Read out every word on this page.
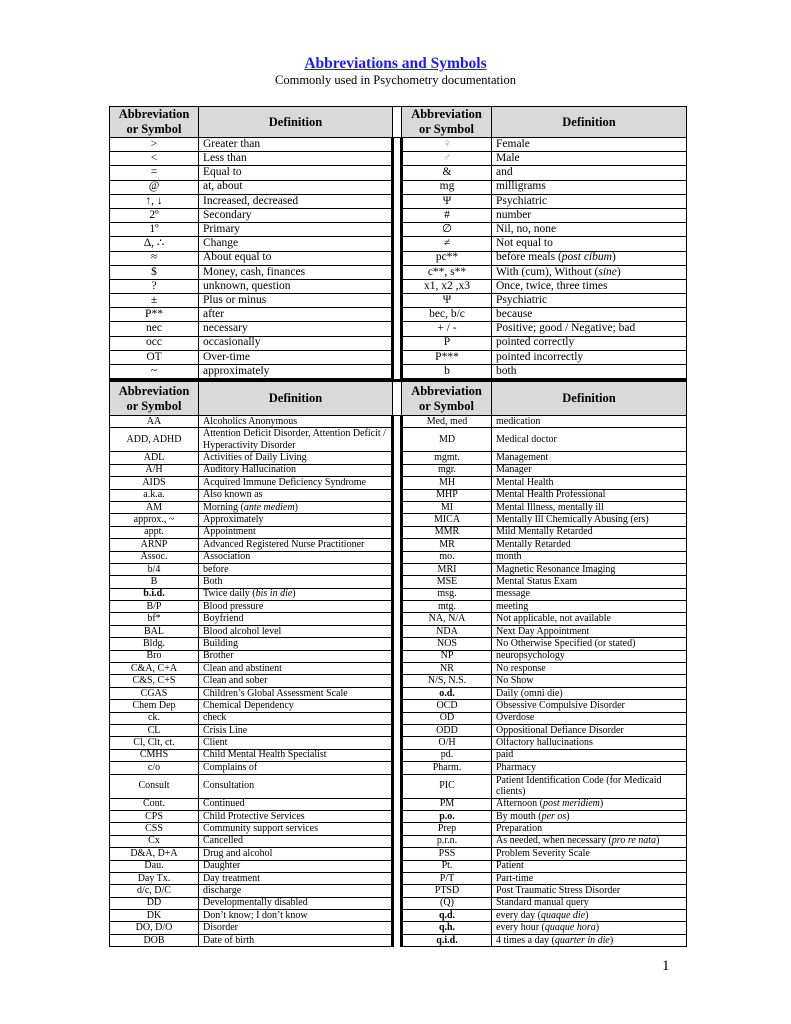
Abbreviations and Symbols
Commonly used in Psychometry documentation
Abbreviation or Symbol	Definition		Abbreviation or Symbol	Definition
>	Greater than		♀	Female
<	Less than		♂	Male
=	Equal to		&	and
@	at, about		mg	milligrams
↑, ↓	Increased, decreased		Ψ	Psychiatric
2º	Secondary		#	number
1º	Primary		∅	Nil, no, none
Δ, ∴	Change		≠	Not equal to
≈	About equal to		pc**	before meals (post cibum)
$	Money, cash, finances		c**, s**	With (cum), Without (sine)
?	unknown, question		x1, x2 ,x3	Once, twice, three times
±	Plus or minus		Ψ	Psychiatric
P**	after		bec, b/c	because
nec	necessary		+ / -	Positive; good / Negative; bad
occ	occasionally		P	pointed correctly
OT	Over-time		P***	pointed incorrectly
~	approximately		b	both
Abbreviation or Symbol	Definition		Abbreviation or Symbol	Definition
AA	Alcoholics Anonymous		Med, med	medication
ADD, ADHD	Attention Deficit Disorder, Attention Deficit / Hyperactivity Disorder		MD	Medical doctor
ADL	Activities of Daily Living		mgmt.	Management
A/H	Auditory Hallucination		mgr.	Manager
AIDS	Acquired Immune Deficiency Syndrome		MH	Mental Health
a.k.a.	Also known as		MHP	Mental Health Professional
AM	Morning (ante mediem)		MI	Mental Illness, mentally ill
approx., ~	Approximately		MICA	Mentally Ill Chemically Abusing (ers)
appt.	Appointment		MMR	Mild Mentally Retarded
ARNP	Advanced Registered Nurse Practitioner		MR	Mentally Retarded
Assoc.	Association		mo.	month
b/4	before		MRI	Magnetic Resonance Imaging
B	Both		MSE	Mental Status Exam
b.i.d.	Twice daily (bis in die)		msg.	message
B/P	Blood pressure		mtg.	meeting
bf*	Boyfriend		NA, N/A	Not applicable, not available
BAL	Blood alcohol level		NDA	Next Day Appointment
Bldg.	Building		NOS	No Otherwise Specified (or stated)
Bro	Brother		NP	neuropsychology
C&A, C+A	Clean and abstinent		NR	No response
C&S, C+S	Clean and sober		N/S, N.S.	No Show
CGAS	Children’s Global Assessment Scale		o.d.	Daily (omni die)
Chem Dep	Chemical Dependency		OCD	Obsessive Compulsive Disorder
ck.	check		OD	Overdose
CL	Crisis Line		ODD	Oppositional Defiance Disorder
Cl, Clt, ct.	Client		O/H	Olfactory hallucinations
CMHS	Child Mental Health Specialist		pd.	paid
c/o	Complains of		Pharm.	Pharmacy
Consult	Consultation		PIC	Patient Identification Code (for Medicaid clients)
Cont.	Continued		PM	Afternoon (post meridiem)
CPS	Child Protective Services		p.o.	By mouth (per os)
CSS	Community support services		Prep	Preparation
Cx	Cancelled		p.r.n.	As needed, when necessary (pro re nata)
D&A, D+A	Drug and alcohol		PSS	Problem Severity Scale
Dau.	Daughter		Pt.	Patient
Day Tx.	Day treatment		P/T	Part-time
d/c, D/C	discharge		PTSD	Post Traumatic Stress Disorder
DD	Developmentally disabled		(Q)	Standard manual query
DK	Don’t know; I don’t know		q.d.	every day (quaque die)
DO, D/O	Disorder		q.h.	every hour (quaque hora)
DOB	Date of birth		q.i.d.	4 times a day (quarter in die)
1
